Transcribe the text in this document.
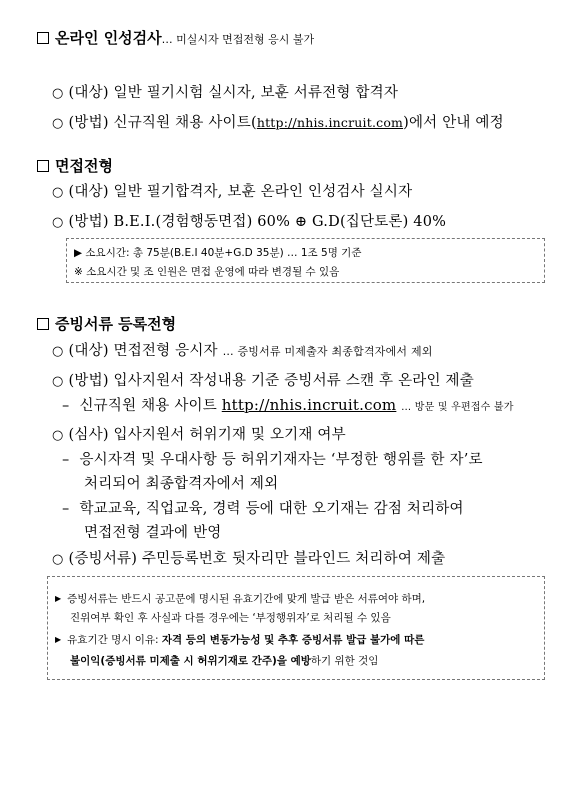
온라인 인성검사… 미실시자 면접전형 응시 불가
○ (대상) 일반 필기시험 실시자, 보훈 서류전형 합격자
○ (방법) 신규직원 채용 사이트(http://nhis.incruit.com)에서 안내 예정
면접전형
○ (대상) 일반 필기합격자, 보훈 온라인 인성검사 실시자
○ (방법) B.E.I.(경험행동면접) 60% ⊕ G.D(집단토론) 40%
▶ 소요시간: 총 75분(B.E.I 40분+G.D 35분) … 1조 5명 기준
※ 소요시간 및 조 인원은 면접 운영에 따라 변경될 수 있음
증빙서류 등록전형
○ (대상) 면접전형 응시자 … 증빙서류 미제출자 최종합격자에서 제외
○ (방법) 입사지원서 작성내용 기준 증빙서류 스캔 후 온라인 제출
– 신규직원 채용 사이트 http://nhis.incruit.com … 방문 및 우편접수 불가
○ (심사) 입사지원서 허위기재 및 오기재 여부
– 응시자격 및 우대사항 등 허위기재자는 ‘부정한 행위를 한 자’로
처리되어 최종합격자에서 제외
– 학교교육, 직업교육, 경력 등에 대한 오기재는 감점 처리하여
면접전형 결과에 반영
○ (증빙서류) 주민등록번호 뒷자리만 블라인드 처리하여 제출
▶ 증빙서류는 반드시 공고문에 명시된 유효기간에 맞게 발급 받은 서류여야 하며,
진위여부 확인 후 사실과 다를 경우에는 ‘부정행위자’로 처리될 수 있음
▶ 유효기간 명시 이유: 자격 등의 변동가능성 및 추후 증빙서류 발급 불가에 따른
불이익(증빙서류 미제출 시 허위기재로 간주)을 예방하기 위한 것임
